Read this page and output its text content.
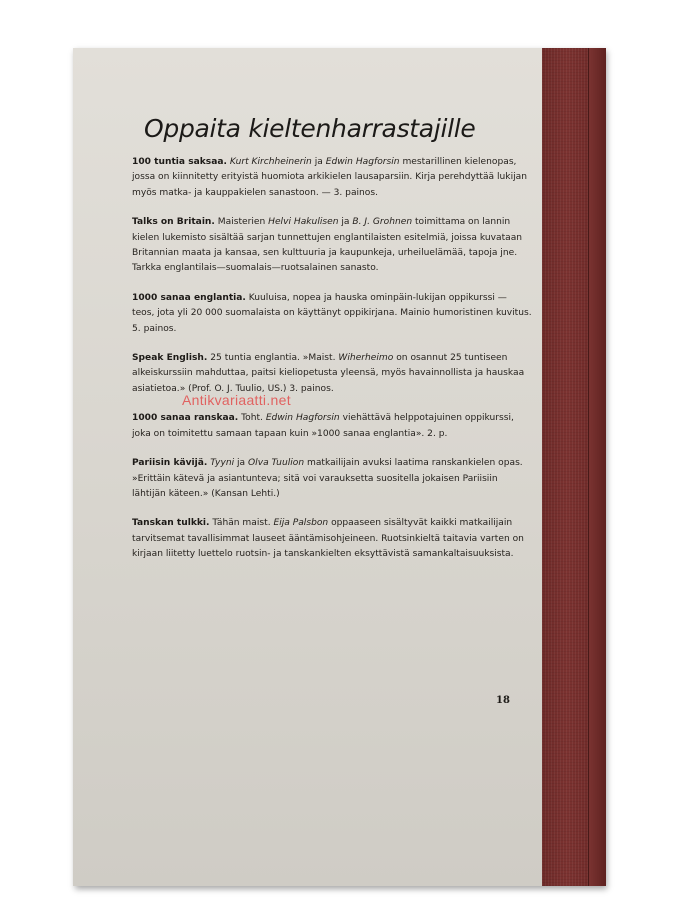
Oppaita kieltenharrastajille
100 tuntia saksaa. Kurt Kirchheinerin ja Edwin Hagforsin mestarillinen kielenopas, jossa on kiinnitetty erityistä huomiota arkikielen lausaparsiin. Kirja perehdyttää lukijan myös matka- ja kauppakielen sanastoon. — 3. painos.
Talks on Britain. Maisterien Helvi Hakulisen ja B. J. Grohnen toimittama on lannin kielen lukemisto sisältää sarjan tunnettujen englantilaisten esitelmiä, joissa kuvataan Britannian maata ja kansaa, sen kulttuuria ja kaupunkeja, urheiluelämää, tapoja jne. Tarkka englantilais—suomalais—ruotsalainen sanasto.
1000 sanaa englantia. Kuuluisa, nopea ja hauska ominpäin-lukijan oppikurssi — teos, jota yli 20 000 suomalaista on käyttänyt oppikirjana. Mainio humoristinen kuvitus. 5. painos.
Speak English. 25 tuntia englantia. »Maist. Wiherheimo on osannut 25 tuntiseen alkeiskurssiin mahduttaa, paitsi kieliopetusta yleensä, myös havainnollista ja hauskaa asiatietoa.» (Prof. O. J. Tuulio, US.) 3. painos.
1000 sanaa ranskaa. Toht. Edwin Hagforsin viehättävä helppotajuinen oppikurssi, joka on toimitettu samaan tapaan kuin »1000 sanaa englantia». 2. p.
Pariisin kävijä. Tyyni ja Olva Tuulion matkailijain avuksi laatima ranskankielen opas. »Erittäin kätevä ja asiantunteva; sitä voi varauksetta suositella jokaisen Pariisiin lähtijän käteen.» (Kansan Lehti.)
Tanskan tulkki. Tähän maist. Eija Palsbon oppaaseen sisältyvät kaikki matkailijain tarvitsemat tavallisimmat lauseet ääntämisohjeineen. Ruotsinkieltä taitavia varten on kirjaan liitetty luettelo ruotsin- ja tanskankielten eksyttävistä samankaltaisuuksista.
18
Antikvariaatti.net
